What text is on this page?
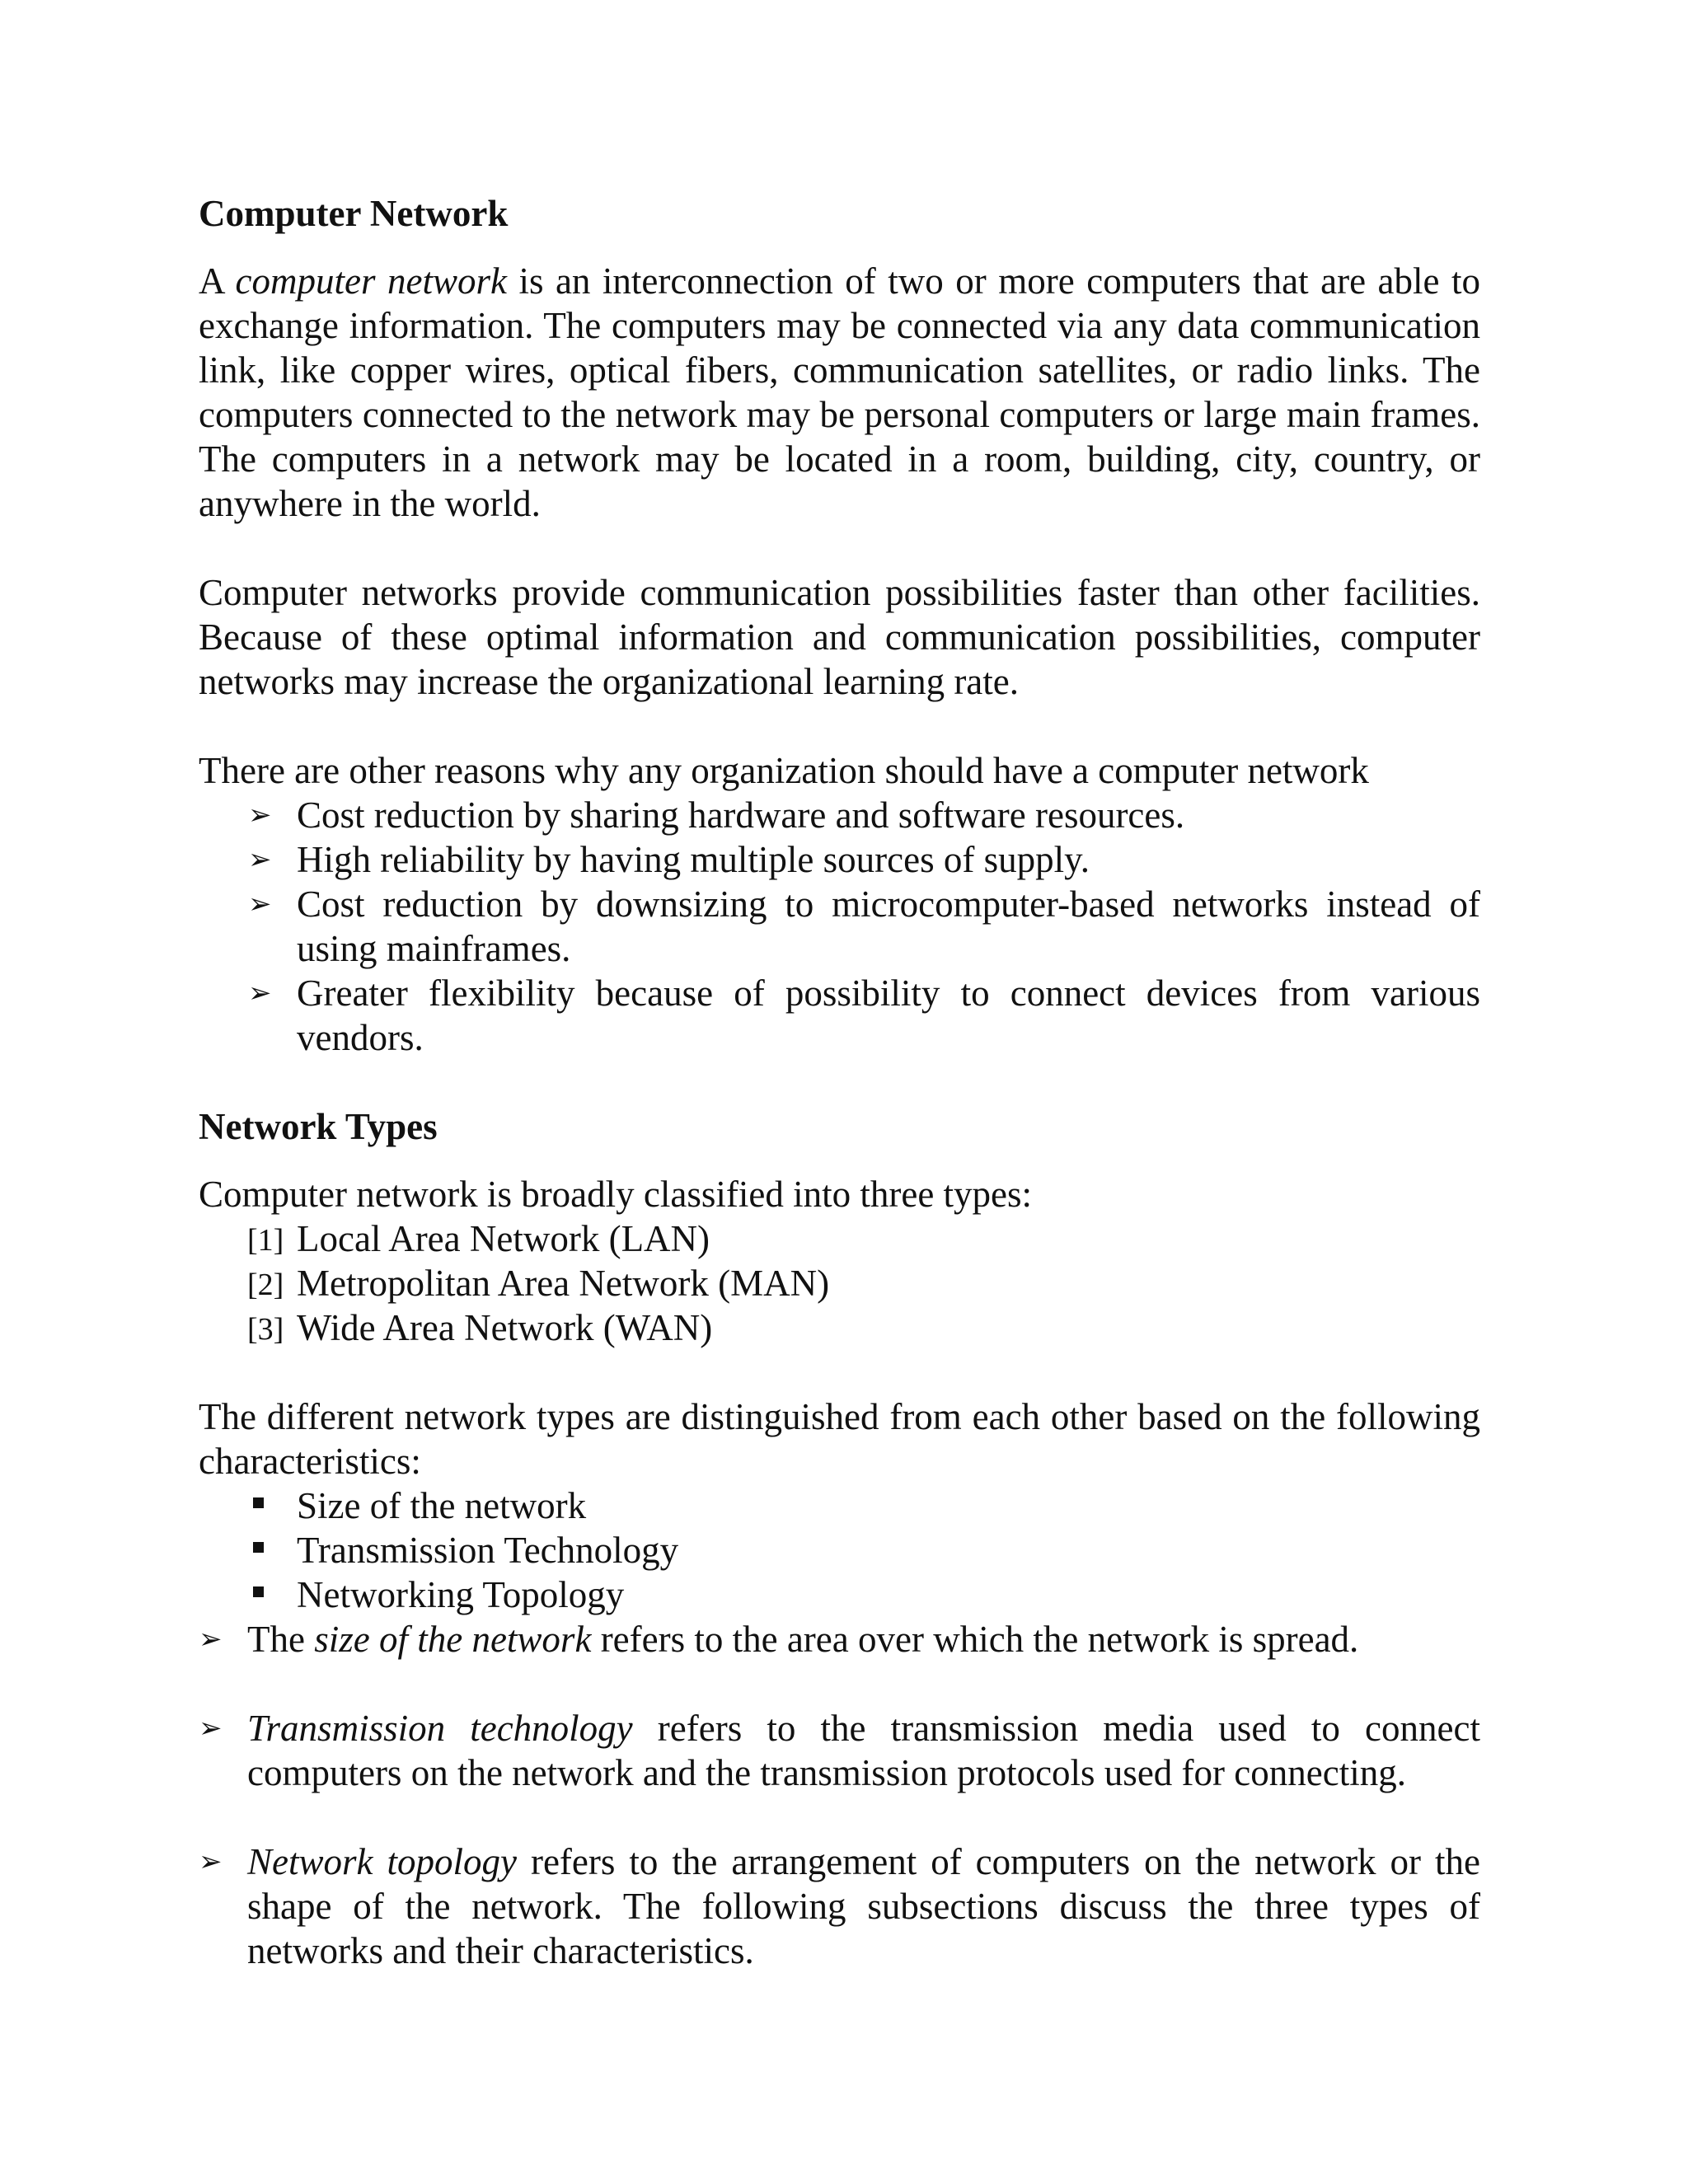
Computer Network

A computer network is an interconnection of two or more computers that are able to exchange information. The computers may be connected via any data communication link, like copper wires, optical fibers, communication satellites, or radio links. The computers connected to the network may be personal computers or large main frames. The computers in a network may be located in a room, building, city, country, or anywhere in the world.

Computer networks provide communication possibilities faster than other facilities. Because of these optimal information and communication possibilities, computer networks may increase the organizational learning rate.

There are other reasons why any organization should have a computer network

➢ Cost reduction by sharing hardware and software resources.
➢ High reliability by having multiple sources of supply.
➢ Cost reduction by downsizing to microcomputer-based networks instead of using mainframes.
➢ Greater flexibility because of possibility to connect devices from various vendors.
Network Types

Computer network is broadly classified into three types:

[1] Local Area Network (LAN)
[2] Metropolitan Area Network (MAN)
[3] Wide Area Network (WAN)

The different network types are distinguished from each other based on the following characteristics:

Size of the network
Transmission Technology
Networking Topology
➢ The size of the network refers to the area over which the network is spread.
➢ Transmission technology refers to the transmission media used to connect computers on the network and the transmission protocols used for connecting.
➢ Network topology refers to the arrangement of computers on the network or the shape of the network. The following subsections discuss the three types of networks and their characteristics.
